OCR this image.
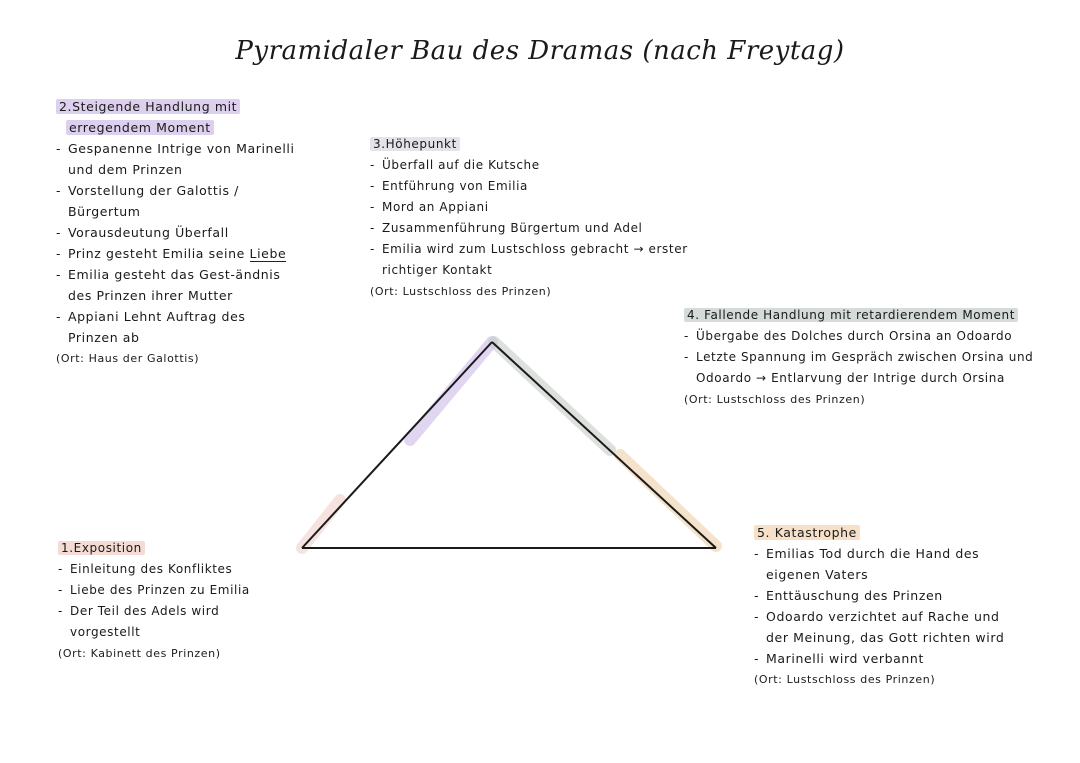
Pyramidaler Bau des Dramas (nach Freytag)
2.Steigende Handlung mit
erregendem Moment
- Gespanenne Intrige von Marinelli und dem Prinzen
- Vorstellung der Galottis / Bürgertum
- Vorausdeutung Überfall
- Prinz gesteht Emilia seine Liebe
- Emilia gesteht das Gest-ändnis des Prinzen ihrer Mutter
- Appiani Lehnt Auftrag des Prinzen ab
(Ort: Haus der Galottis)
3.Höhepunkt
- Überfall auf die Kutsche
- Entführung von Emilia
- Mord an Appiani
- Zusammenführung Bürgertum und Adel
- Emilia wird zum Lustschloss gebracht → erster richtiger Kontakt
(Ort: Lustschloss des Prinzen)
4. Fallende Handlung mit retardierendem Moment
- Übergabe des Dolches durch Orsina an Odoardo
- Letzte Spannung im Gespräch zwischen Orsina und Odoardo → Entlarvung der Intrige durch Orsina
(Ort: Lustschloss des Prinzen)
1.Exposition
- Einleitung des Konfliktes
- Liebe des Prinzen zu Emilia
- Der Teil des Adels wird vorgestellt
(Ort: Kabinett des Prinzen)
5. Katastrophe
- Emilias Tod durch die Hand des eigenen Vaters
- Enttäuschung des Prinzen
- Odoardo verzichtet auf Rache und der Meinung, das Gott richten wird
- Marinelli wird verbannt
(Ort: Lustschloss des Prinzen)
